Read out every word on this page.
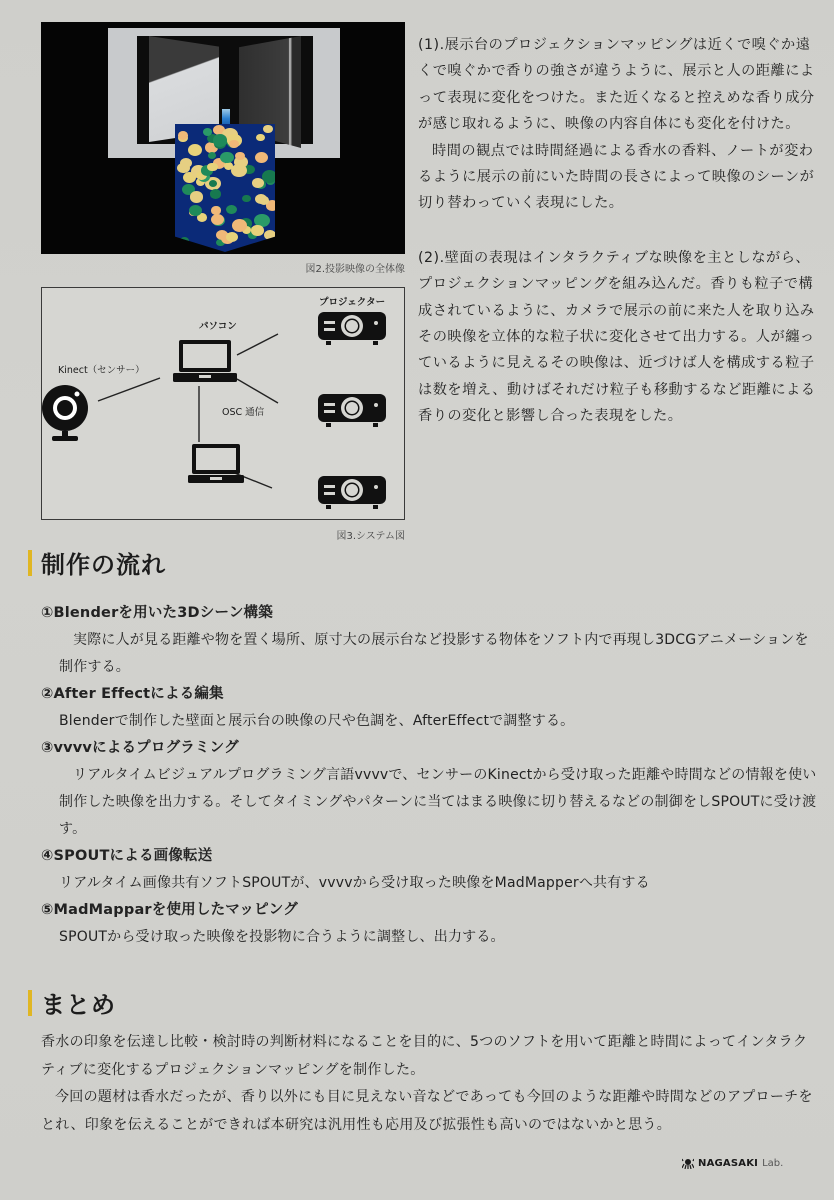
図2.投影映像の全体像
プロジェクター
パソコン
Kinect（センサー）
OSC 通信
図3.システム図

(1).展示台のプロジェクションマッピングは近くで嗅ぐか遠くで嗅ぐかで香りの強さが違うように、展示と人の距離によって表現に変化をつけた。また近くなると控えめな香り成分が感じ取れるように、映像の内容自体にも変化を付けた。

時間の観点では時間経過による香水の香料、ノートが変わるように展示の前にいた時間の長さによって映像のシーンが切り替わっていく表現にした。

(2).壁面の表現はインタラクティブな映像を主としながら、プロジェクションマッピングを組み込んだ。香りも粒子で構成されているように、カメラで展示の前に来た人を取り込みその映像を立体的な粒子状に変化させて出力する。人が纏っているように見えるその映像は、近づけば人を構成する粒子は数を増え、動けばそれだけ粒子も移動するなど距離による香りの変化と影響し合った表現をした。

制作の流れ
①Blenderを用いた3Dシーン構築
実際に人が見る距離や物を置く場所、原寸大の展示台など投影する物体をソフト内で再現し3DCGアニメーションを制作する。
②After Effectによる編集
Blenderで制作した壁面と展示台の映像の尺や色調を、AfterEffectで調整する。
③vvvvによるプログラミング
リアルタイムビジュアルプログラミング言語vvvvで、センサーのKinectから受け取った距離や時間などの情報を使い制作した映像を出力する。そしてタイミングやパターンに当てはまる映像に切り替えるなどの制御をしSPOUTに受け渡す。
④SPOUTによる画像転送
リアルタイム画像共有ソフトSPOUTが、vvvvから受け取った映像をMadMapperへ共有する
⑤MadMapparを使用したマッピング
SPOUTから受け取った映像を投影物に合うように調整し、出力する。
まとめ

香水の印象を伝達し比較・検討時の判断材料になることを目的に、5つのソフトを用いて距離と時間によってインタラクティブに変化するプロジェクションマッピングを制作した。

今回の題材は香水だったが、香り以外にも目に見えない音などであっても今回のような距離や時間などのアプローチをとれ、印象を伝えることができれば本研究は汎用性も応用及び拡張性も高いのではないかと思う。

NAGASAKI Lab.
